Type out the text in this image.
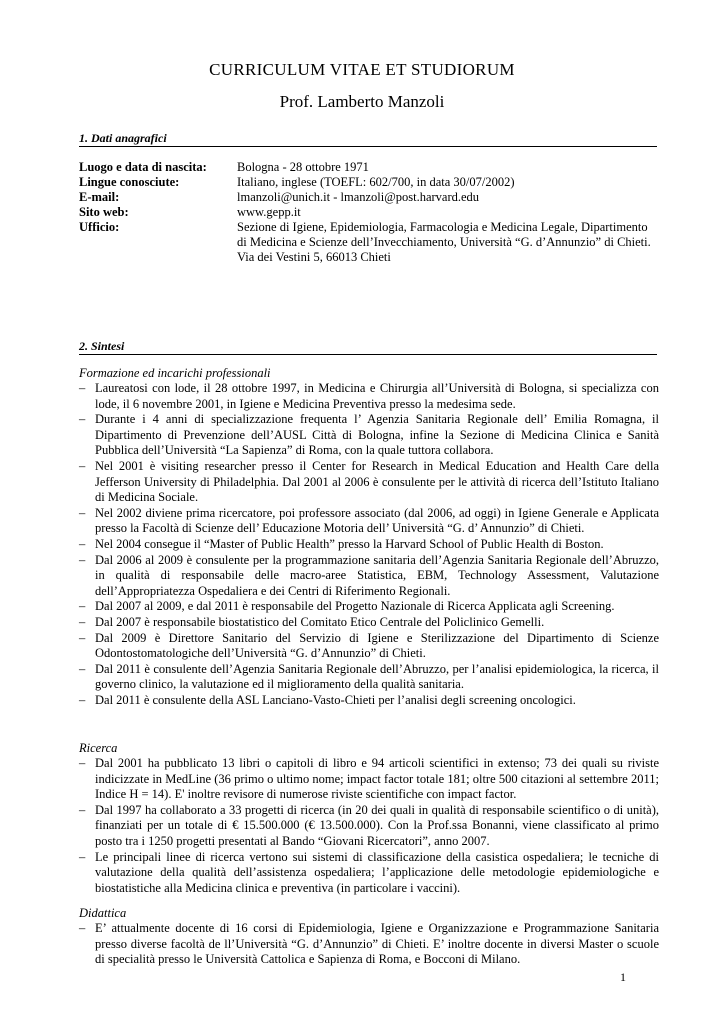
CURRICULUM VITAE ET STUDIORUM
Prof. Lamberto Manzoli
1. Dati anagrafici
Luogo e data di nascita:	Bologna - 28 ottobre 1971
Lingue conosciute:	Italiano, inglese (TOEFL: 602/700, in data 30/07/2002)
E-mail:	lmanzoli@unich.it - lmanzoli@post.harvard.edu
Sito web:	www.gepp.it
Ufficio:	Sezione di Igiene, Epidemiologia, Farmacologia e Medicina Legale, Dipartimento di Medicina e Scienze dell’Invecchiamento, Università “G. d’Annunzio” di Chieti. Via dei Vestini 5, 66013 Chieti
2. Sintesi
Formazione ed incarichi professionali
– Laureatosi con lode, il 28 ottobre 1997, in Medicina e Chirurgia all’Università di Bologna, si specializza con lode, il 6 novembre 2001, in Igiene e Medicina Preventiva presso la medesima sede.
– Durante i 4 anni di specializzazione frequenta l’ Agenzia Sanitaria Regionale dell’ Emilia Romagna, il Dipartimento di Prevenzione dell’AUSL Città di Bologna, infine la Sezione di Medicina Clinica e Sanità Pubblica dell’Università “La Sapienza” di Roma, con la quale tuttora collabora.
– Nel 2001 è visiting researcher presso il Center for Research in Medical Education and Health Care della Jefferson University di Philadelphia. Dal 2001 al 2006 è consulente per le attività di ricerca dell’Istituto Italiano di Medicina Sociale.
– Nel 2002 diviene prima ricercatore, poi professore associato (dal 2006, ad oggi) in Igiene Generale e Applicata presso la Facoltà di Scienze dell’ Educazione Motoria dell’ Università “G. d’ Annunzio” di Chieti.
– Nel 2004 consegue il “Master of Public Health” presso la Harvard School of Public Health di Boston.
– Dal 2006 al 2009 è consulente per la programmazione sanitaria dell’Agenzia Sanitaria Regionale dell’Abruzzo, in qualità di responsabile delle macro-aree Statistica, EBM, Technology Assessment, Valutazione dell’Appropriatezza Ospedaliera e dei Centri di Riferimento Regionali.
– Dal 2007 al 2009, e dal 2011 è responsabile del Progetto Nazionale di Ricerca Applicata agli Screening.
– Dal 2007 è responsabile biostatistico del Comitato Etico Centrale del Policlinico Gemelli.
– Dal 2009 è Direttore Sanitario del Servizio di Igiene e Sterilizzazione del Dipartimento di Scienze Odontostomatologiche dell’Università “G. d’Annunzio” di Chieti.
– Dal 2011 è consulente dell’Agenzia Sanitaria Regionale dell’Abruzzo, per l’analisi epidemiologica, la ricerca, il governo clinico, la valutazione ed il miglioramento della qualità sanitaria.
– Dal 2011 è consulente della ASL Lanciano-Vasto-Chieti per l’analisi degli screening oncologici.
Ricerca
– Dal 2001 ha pubblicato 13 libri o capitoli di libro e 94 articoli scientifici in extenso; 73 dei quali su riviste indicizzate in MedLine (36 primo o ultimo nome; impact factor totale 181; oltre 500 citazioni al settembre 2011; Indice H = 14). E' inoltre revisore di numerose riviste scientifiche con impact factor.
– Dal 1997 ha collaborato a 33 progetti di ricerca (in 20 dei quali in qualità di responsabile scientifico o di unità), finanziati per un totale di € 15.500.000 (€ 13.500.000). Con la Prof.ssa Bonanni, viene classificato al primo posto tra i 1250 progetti presentati al Bando “Giovani Ricercatori”, anno 2007.
– Le principali linee di ricerca vertono sui sistemi di classificazione della casistica ospedaliera; le tecniche di valutazione della qualità dell’assistenza ospedaliera; l’applicazione delle metodologie epidemiologiche e biostatistiche alla Medicina clinica e preventiva (in particolare i vaccini).
Didattica
– E’ attualmente docente di 16 corsi di Epidemiologia, Igiene e Organizzazione e Programmazione Sanitaria presso diverse facoltà de ll’Università “G. d’Annunzio” di Chieti. E’ inoltre docente in diversi Master o scuole di specialità presso le Università Cattolica e Sapienza di Roma, e Bocconi di Milano.
1
